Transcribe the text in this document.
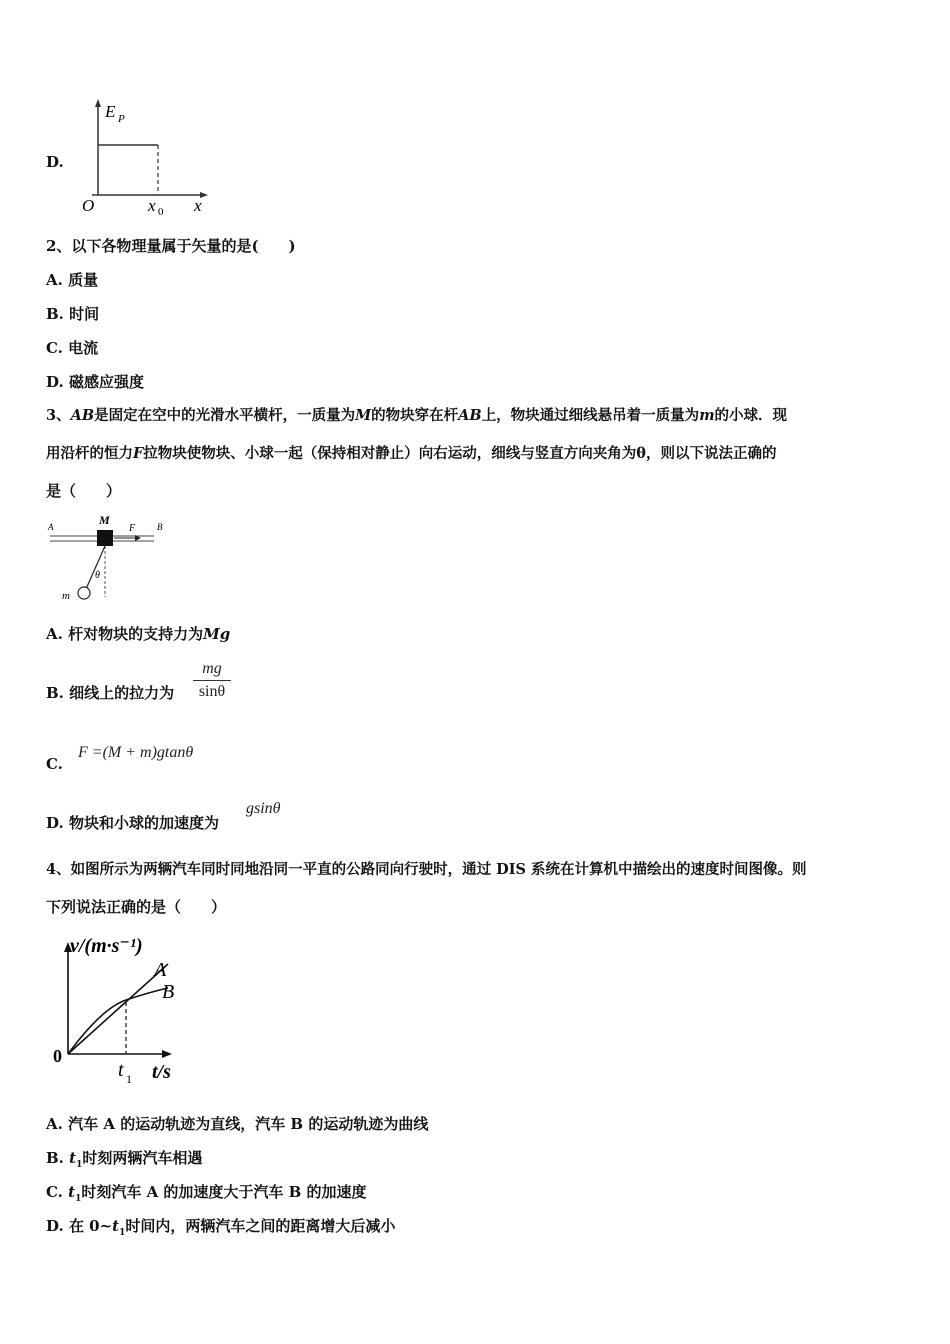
D.
E P
O	x 0 x
2、以下各物理量属于矢量的是(　　)
A. 质量
B. 时间
C. 电流
D. 磁感应强度
3、AB是固定在空中的光滑水平横杆，一质量为M的物块穿在杆AB上，物块通过细线悬吊着一质量为m的小球．现
用沿杆的恒力F拉物块使物块、小球一起（保持相对静止）向右运动，细线与竖直方向夹角为θ，则以下说法正确的
是（　　）
A	M
F B
θ
m
A. 杆对物块的支持力为Mg
B. 细线上的拉力为 $\frac{mg}{\sin\theta}$
C.
F =(M + m)gtanθ
D. 物块和小球的加速度为
gsinθ
4、如图所示为两辆汽车同时同地沿同一平直的公路同向行驶时，通过 DIS 系统在计算机中描绘出的速度时间图像。则
下列说法正确的是（　　）
v/(m·s⁻¹)
t/s
0
t 1
A
B
A. 汽车 A 的运动轨迹为直线，汽车 B 的运动轨迹为曲线
B. $t_1$时刻两辆汽车相遇
C. $t_1$时刻汽车 A 的加速度大于汽车 B 的加速度
D. 在 $0\sim t_1$时间内，两辆汽车之间的距离增大后减小
